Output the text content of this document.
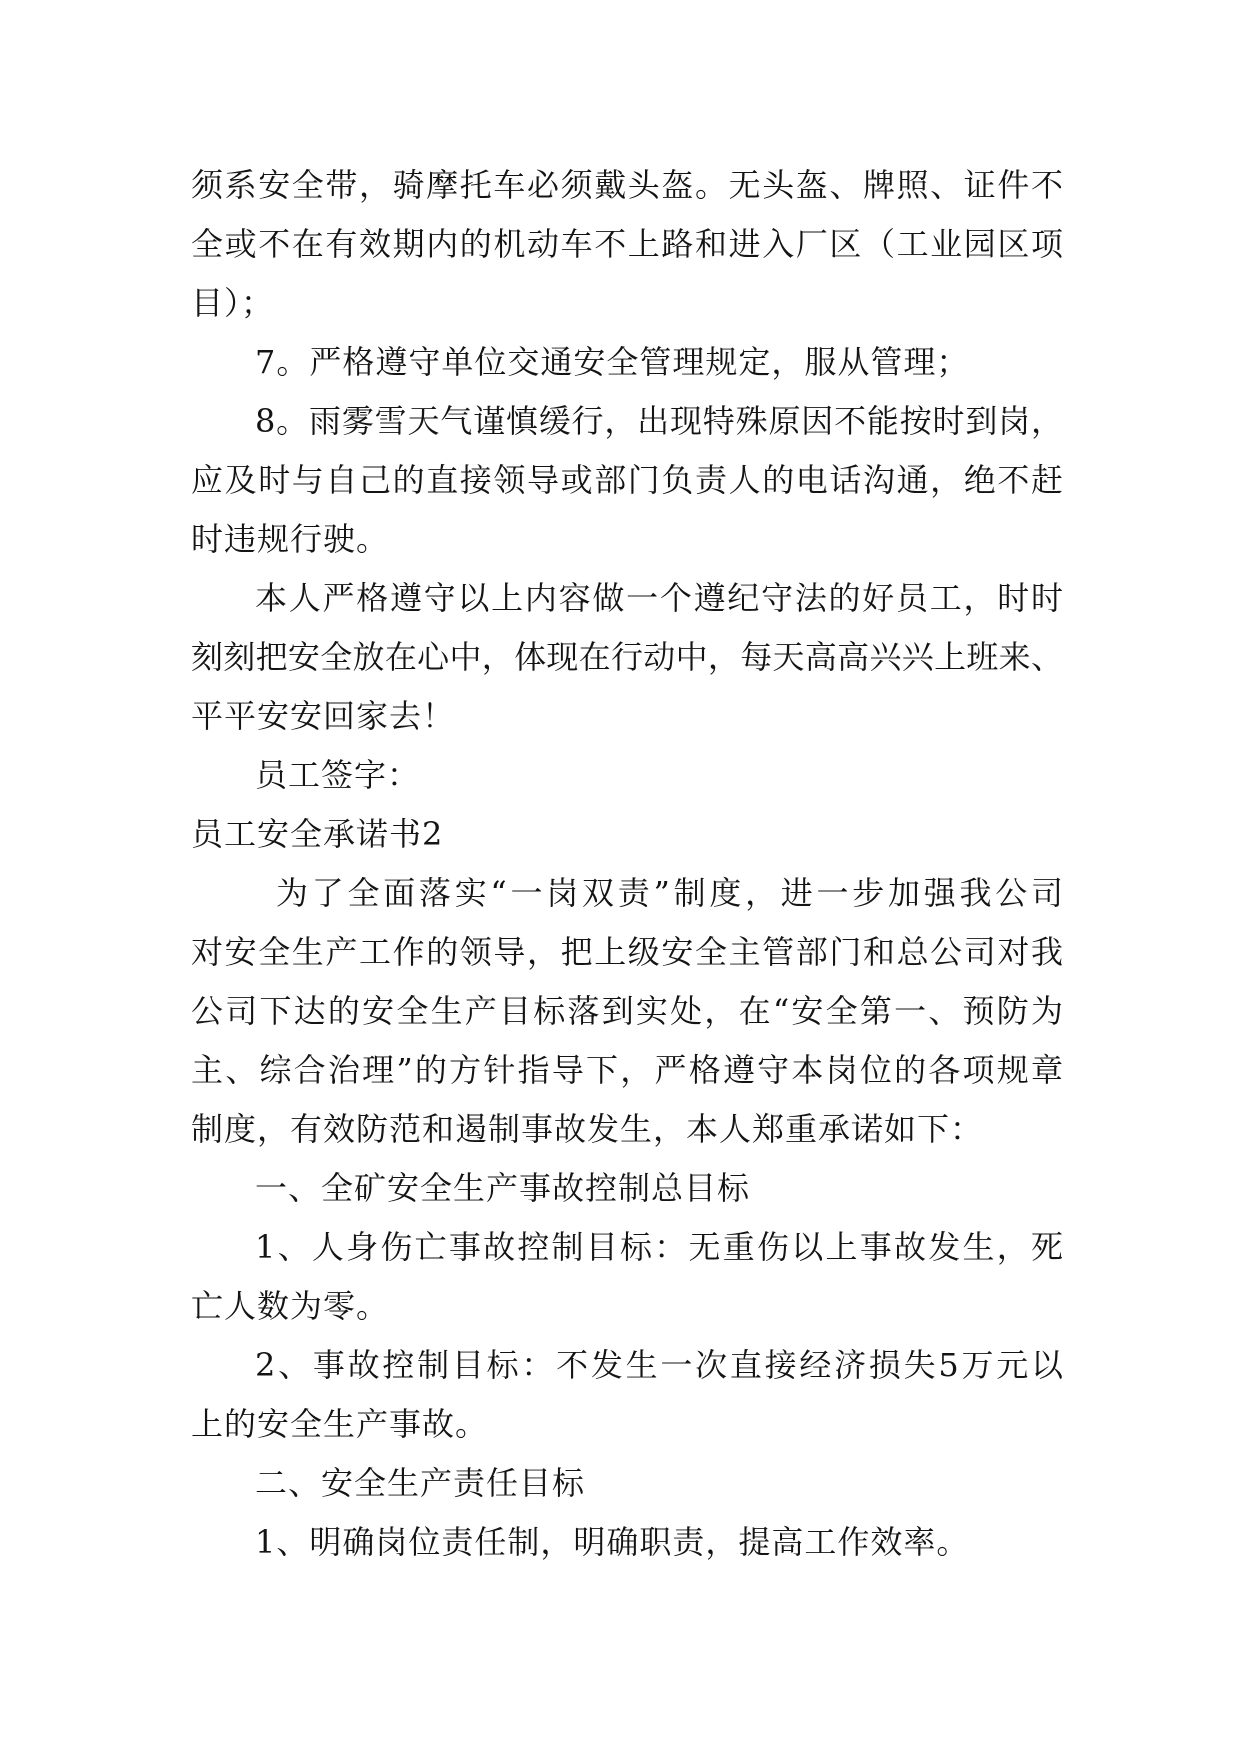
须系安全带，骑摩托车必须戴头盔。无头盔、牌照、证件不
全或不在有效期内的机动车不上路和进入厂区（工业园区项
目）；
7。严格遵守单位交通安全管理规定，服从管理；
8。雨雾雪天气谨慎缓行，出现特殊原因不能按时到岗，
应及时与自己的直接领导或部门负责人的电话沟通，绝不赶
时违规行驶。
本人严格遵守以上内容做一个遵纪守法的好员工，时时
刻刻把安全放在心中，体现在行动中，每天高高兴兴上班来、
平平安安回家去！
员工签字：
员工安全承诺书2
为了全面落实“一岗双责”制度，进一步加强我公司
对安全生产工作的领导，把上级安全主管部门和总公司对我
公司下达的安全生产目标落到实处，在“安全第一、预防为
主、综合治理”的方针指导下，严格遵守本岗位的各项规章
制度，有效防范和遏制事故发生，本人郑重承诺如下：
一、全矿安全生产事故控制总目标
1、人身伤亡事故控制目标：无重伤以上事故发生，死
亡人数为零。
2、事故控制目标：不发生一次直接经济损失5万元以
上的安全生产事故。
二、安全生产责任目标
1、明确岗位责任制，明确职责，提高工作效率。
